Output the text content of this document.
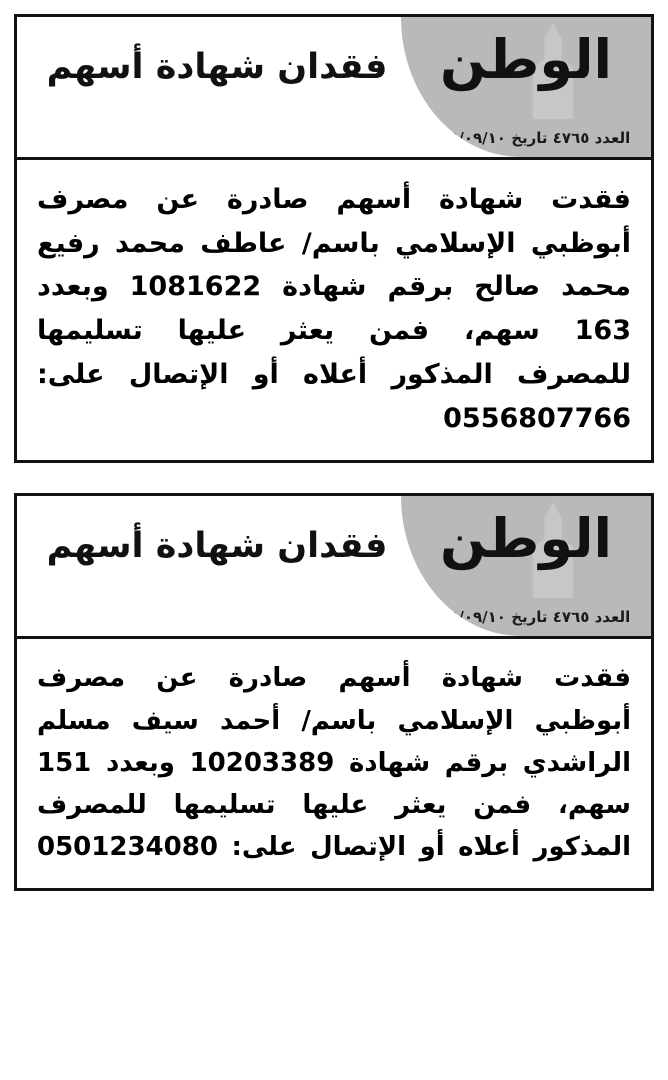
الوطن
العدد ٤٧٦٥ تاريخ ٢٠٢٥/٠٩/١٠
فقدان شهادة أسهم
فقدت شهادة أسهم صادرة عن مصرف أبوظبي الإسلامي باسم/ عاطف محمد رفيع محمد صالح برقم شهادة 1081622 وبعدد 163 سهم، فمن يعثر عليها تسليمها للمصرف المذكور أعلاه أو الإتصال على: 0556807766
الوطن
العدد ٤٧٦٥ تاريخ ٢٠٢٥/٠٩/١٠
فقدان شهادة أسهم
فقدت شهادة أسهم صادرة عن مصرف أبوظبي الإسلامي باسم/ أحمد سيف مسلم الراشدي برقم شهادة 10203389 وبعدد 151 سهم، فمن يعثر عليها تسليمها للمصرف المذكور أعلاه أو الإتصال على: 0501234080
